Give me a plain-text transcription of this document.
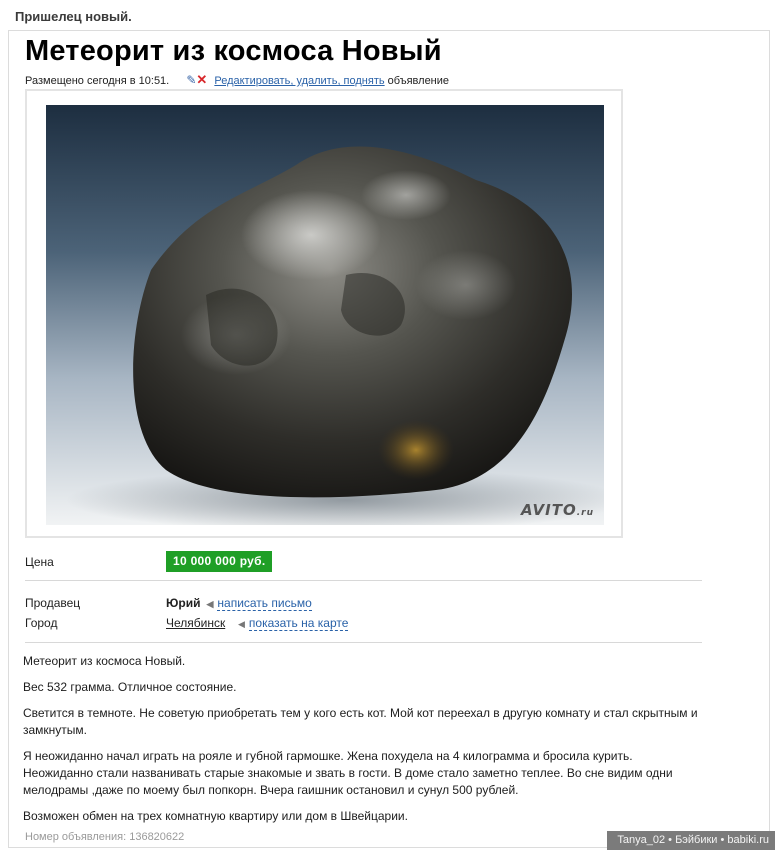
Пришелец новый.
Метеорит из космоса Новый
Размещено сегодня в 10:51. ✎✕ Редактировать, удалить, поднять объявление
AVITO.ru
Цена	10 000 000 руб.
Продавец	Юрий ◀ написать письмо
Город	Челябинск	◀ показать на карте

Метеорит из космоса Новый.

Вес 532 грамма. Отличное состояние.

Светится в темноте. Не советую приобретать тем у кого есть кот. Мой кот переехал в другую комнату и стал скрытным и замкнутым.

Я неожиданно начал играть на рояле и губной гармошке. Жена похудела на 4 килограмма и бросила курить. Неожиданно стали названивать старые знакомые и звать в гости. В доме стало заметно теплее. Во сне видим одни мелодрамы ,даже по моему был попкорн. Вчера гаишник остановил и сунул 500 рублей.

Возможен обмен на трех комнатную квартиру или дом в Швейцарии.

Номер объявления: 136820622	Tanya_02 • Бэйбики • babiki.ru
